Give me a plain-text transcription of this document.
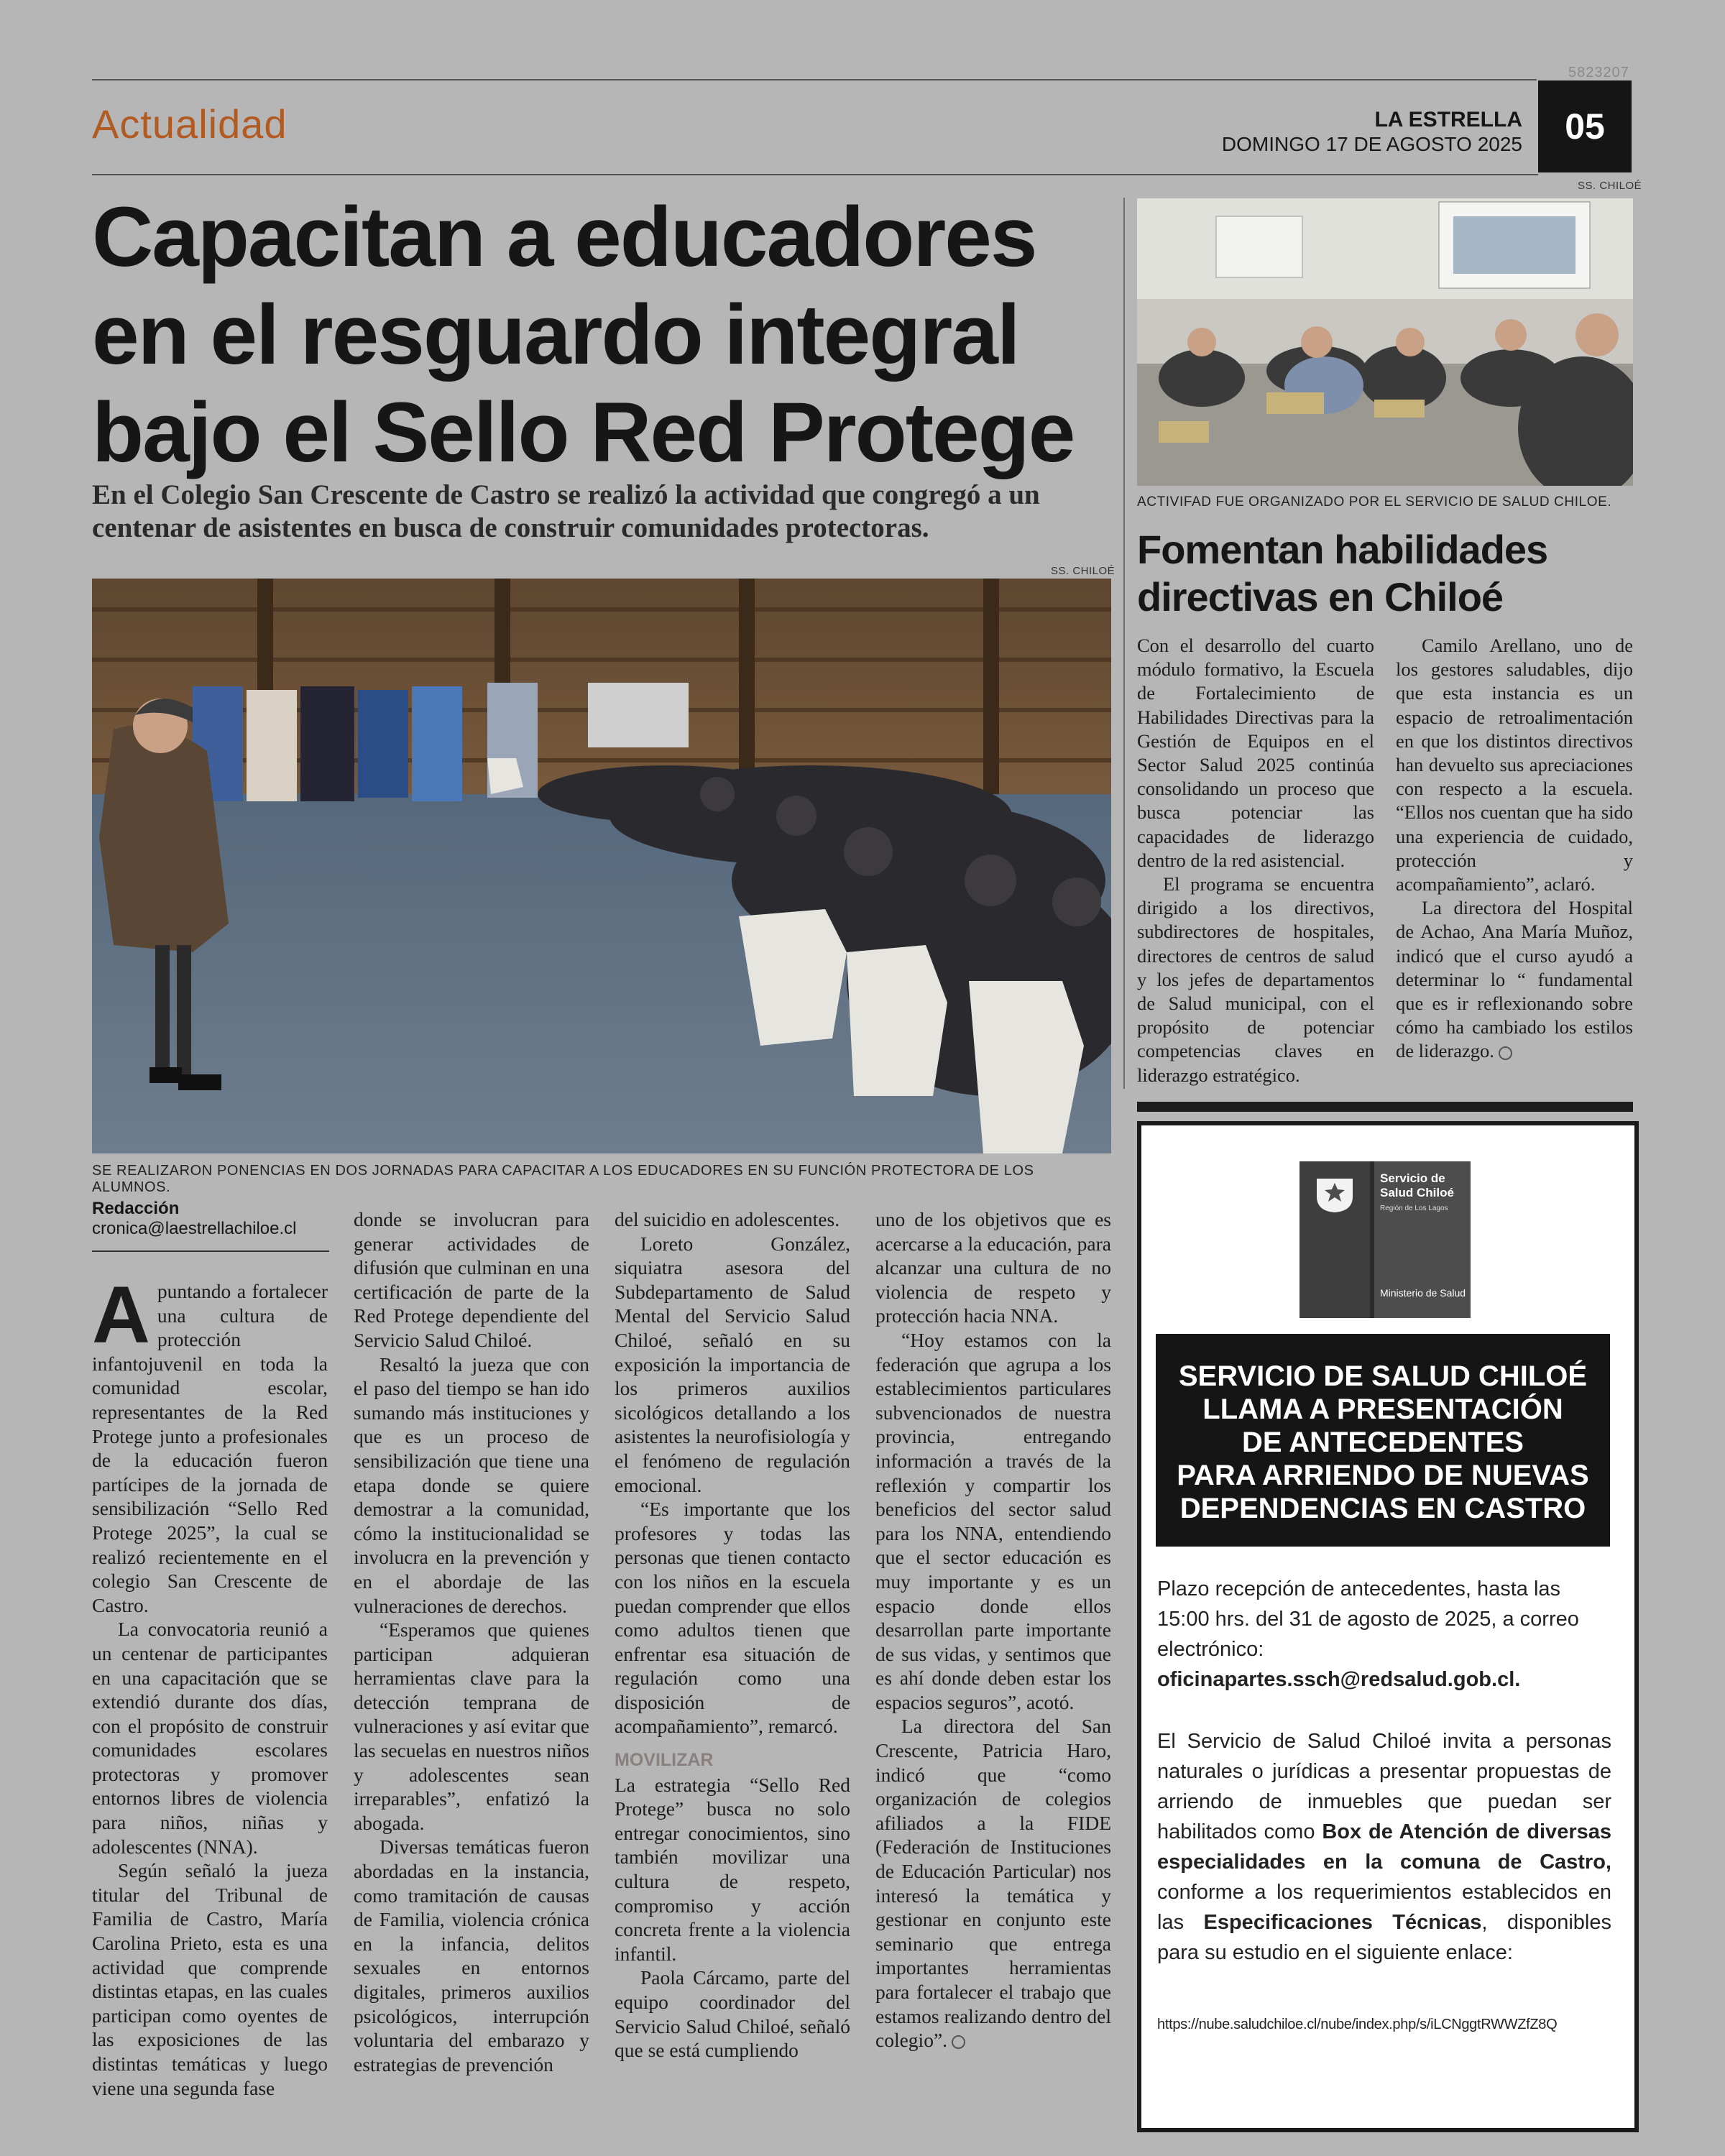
5823207
Actualidad	LA ESTRELLA
DOMINGO 17 DE AGOSTO 2025	05
Capacitan a educadores en el resguardo integral bajo el Sello Red Protege
En el Colegio San Crescente de Castro se realizó la actividad que congregó a un centenar de asistentes en busca de construir comunidades protectoras.
SS. CHILOÉ
SE REALIZARON PONENCIAS EN DOS JORNADAS PARA CAPACITAR A LOS EDUCADORES EN SU FUNCIÓN PROTECTORA DE LOS ALUMNOS.
Redacción
cronica@laestrellachiloe.cl

Apuntando a fortalecer una cultura de protección infantojuvenil en toda la comunidad escolar, representantes de la Red Protege junto a profesionales de la educación fueron partícipes de la jornada de sensibilización “Sello Red Protege 2025”, la cual se realizó recientemente en el colegio San Crescente de Castro.

La convocatoria reunió a un centenar de participantes en una capacitación que se extendió durante dos días, con el propósito de construir comunidades escolares protectoras y promover entornos libres de violencia para niños, niñas y adolescentes (NNA).

Según señaló la jueza titular del Tribunal de Familia de Castro, María Carolina Prieto, esta es una actividad que comprende distintas etapas, en las cuales participan como oyentes de las exposiciones de las distintas temáticas y luego viene una segunda fase

donde se involucran para generar actividades de difusión que culminan en una certificación de parte de la Red Protege dependiente del Servicio Salud Chiloé.

Resaltó la jueza que con el paso del tiempo se han ido sumando más instituciones y que es un proceso de sensibilización que tiene una etapa donde se quiere demostrar a la comunidad, cómo la institucionalidad se involucra en la prevención y en el abordaje de las vulneraciones de derechos.

“Esperamos que quienes participan adquieran herramientas clave para la detección temprana de vulneraciones y así evitar que las secuelas en nuestros niños y adolescentes sean irreparables”, enfatizó la abogada.

Diversas temáticas fueron abordadas en la instancia, como tramitación de causas de Familia, violencia crónica en la infancia, delitos sexuales en entornos digitales, primeros auxilios psicológicos, interrupción voluntaria del embarazo y estrategias de prevención

del suicidio en adolescentes.

Loreto González, siquiatra asesora del Subdepartamento de Salud Mental del Servicio Salud Chiloé, señaló en su exposición la importancia de los primeros auxilios sicológicos detallando a los asistentes la neurofisiología y el fenómeno de regulación emocional.

“Es importante que los profesores y todas las personas que tienen contacto con los niños en la escuela puedan comprender que ellos como adultos tienen que enfrentar esa situación de regulación como una disposición de acompañamiento”, remarcó.

MOVILIZAR

La estrategia “Sello Red Protege” busca no solo entregar conocimientos, sino también movilizar una cultura de respeto, compromiso y acción concreta frente a la violencia infantil.

Paola Cárcamo, parte del equipo coordinador del Servicio Salud Chiloé, señaló que se está cumpliendo

uno de los objetivos que es acercarse a la educación, para alcanzar una cultura de no violencia de respeto y protección hacia NNA.

“Hoy estamos con la federación que agrupa a los establecimientos particulares subvencionados de nuestra provincia, entregando información a través de la reflexión y compartir los beneficios del sector salud para los NNA, entendiendo que el sector educación es muy importante y es un espacio donde ellos desarrollan parte importante de sus vidas, y sentimos que es ahí donde deben estar los espacios seguros”, acotó.

La directora del San Crescente, Patricia Haro, indicó que “como organización de colegios afiliados a la FIDE (Federación de Instituciones de Educación Particular) nos interesó la temática y gestionar en conjunto este seminario que entrega importantes herramientas para fortalecer el trabajo que estamos realizando dentro del colegio”.

SS. CHILOÉ
ACTIVIFAD FUE ORGANIZADO POR EL SERVICIO DE SALUD CHILOE.
Fomentan habilidades directivas en Chiloé

Con el desarrollo del cuarto módulo formativo, la Escuela de Fortalecimiento de Habilidades Directivas para la Gestión de Equipos en el Sector Salud 2025 continúa consolidando un proceso que busca potenciar las capacidades de liderazgo dentro de la red asistencial.

El programa se encuentra dirigido a los directivos, subdirectores de hospitales, directores de centros de salud y los jefes de departamentos de Salud municipal, con el propósito de potenciar competencias claves en liderazgo estratégico.

Camilo Arellano, uno de los gestores saludables, dijo que esta instancia es un espacio de retroalimentación en que los distintos directivos han devuelto sus apreciaciones con respecto a la escuela. “Ellos nos cuentan que ha sido una experiencia de cuidado, protección y acompañamiento”, aclaró.

La directora del Hospital de Achao, Ana María Muñoz, indicó que el curso ayudó a determinar lo “ fundamental que es ir reflexionando sobre cómo ha cambiado los estilos de liderazgo.

Servicio de Salud Chiloé
Región de Los Lagos
Ministerio de Salud
SERVICIO DE SALUD CHILOÉ
LLAMA A PRESENTACIÓN
DE ANTECEDENTES
PARA ARRIENDO DE NUEVAS
DEPENDENCIAS EN CASTRO
Plazo recepción de antecedentes, hasta las 15:00 hrs. del 31 de agosto de 2025, a correo electrónico:
oficinapartes.ssch@redsalud.gob.cl.
El Servicio de Salud Chiloé invita a personas naturales o jurídicas a presentar propuestas de arriendo de inmuebles que puedan ser habilitados como Box de Atención de diversas especialidades en la comuna de Castro, conforme a los requerimientos establecidos en las Especificaciones Técnicas, disponibles para su estudio en el siguiente enlace:
https://nube.saludchiloe.cl/nube/index.php/s/iLCNggtRWWZfZ8Q
